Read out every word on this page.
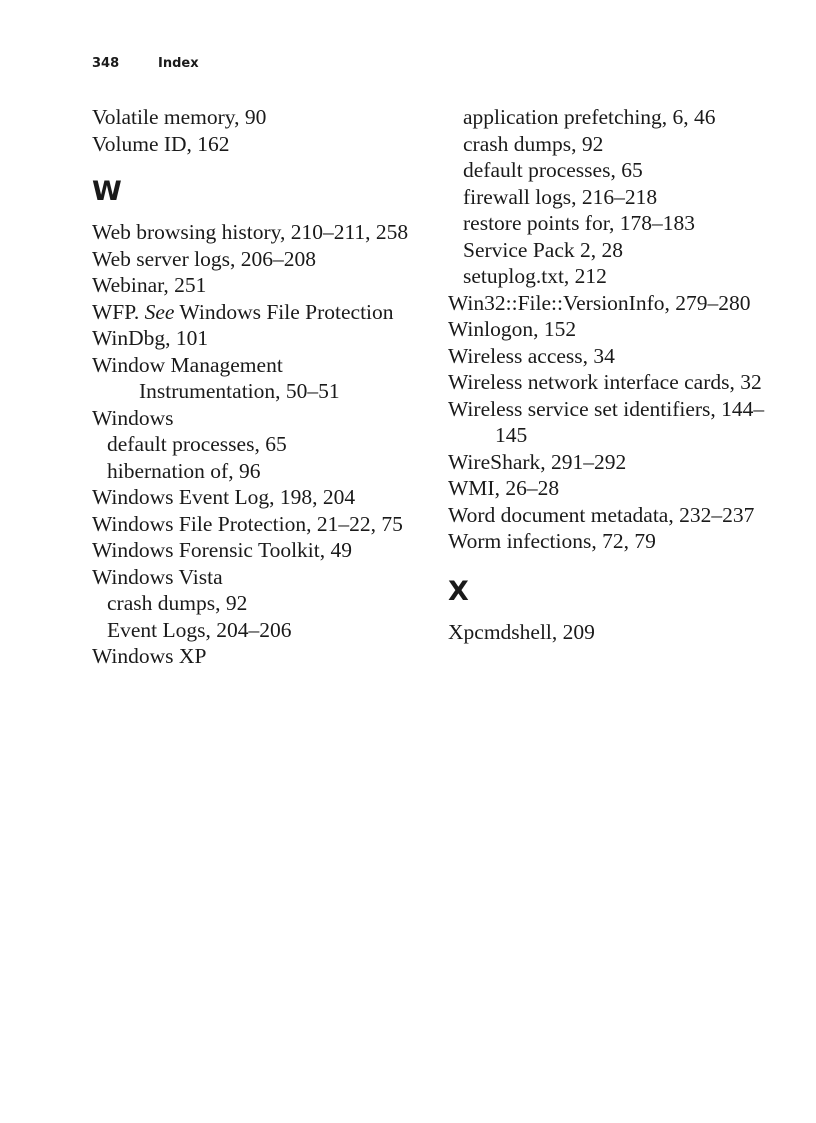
348	Index
Volatile memory, 90
Volume ID, 162
W
Web browsing history, 210–211, 258
Web server logs, 206–208
Webinar, 251
WFP. See Windows File Protection
WinDbg, 101
Window Management Instrumentation, 50–51
Windows
default processes, 65
hibernation of, 96
Windows Event Log, 198, 204
Windows File Protection, 21–22, 75
Windows Forensic Toolkit, 49
Windows Vista
crash dumps, 92
Event Logs, 204–206
Windows XP
application prefetching, 6, 46
crash dumps, 92
default processes, 65
firewall logs, 216–218
restore points for, 178–183
Service Pack 2, 28
setuplog.txt, 212
Win32::File::VersionInfo, 279–280
Winlogon, 152
Wireless access, 34
Wireless network interface cards, 32
Wireless service set identifiers, 144–145
WireShark, 291–292
WMI, 26–28
Word document metadata, 232–237
Worm infections, 72, 79
X
Xpcmdshell, 209
